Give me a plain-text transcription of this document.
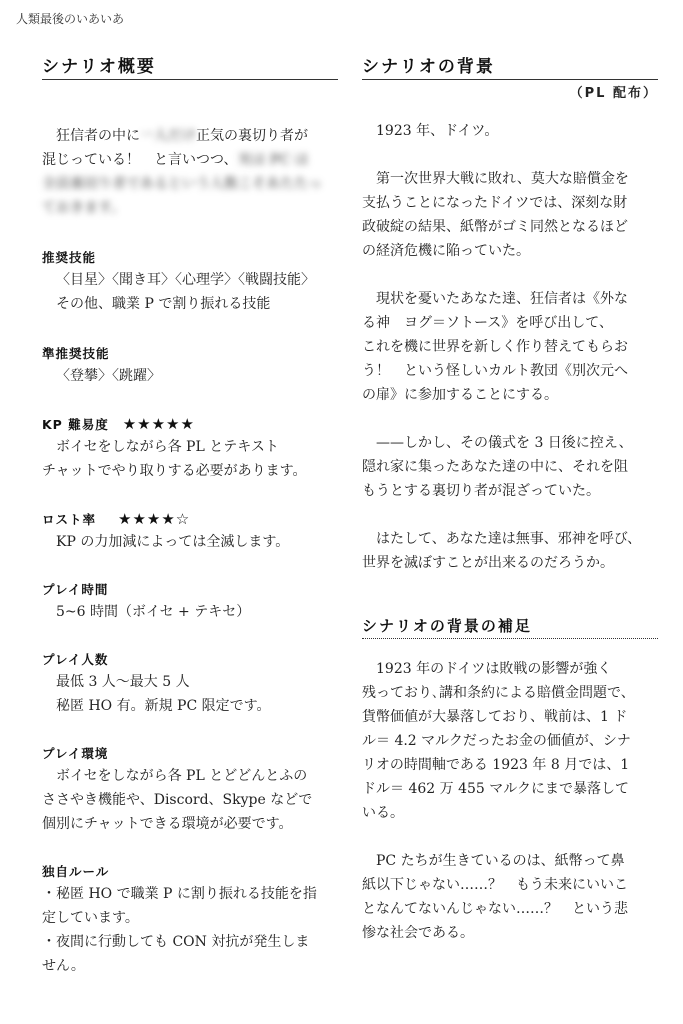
人類最後のいあいあ
シナリオ概要

狂信者の中に一人だけ正気の裏切り者が

混じっている！　と言いつつ、実は PC は

全員裏切り者であるという人数こそあたたっ

ておきます。

推奨技能

〈目星〉〈聞き耳〉〈心理学〉〈戦闘技能〉

その他、職業 P で割り振れる技能

準推奨技能

〈登攀〉〈跳躍〉

KP 難易度 ★★★★★

ボイセをしながら各 PL とテキスト

チャットでやり取りする必要があります。

ロスト率 ★★★★☆

KP の力加減によっては全滅します。

プレイ時間

5~6 時間（ボイセ + テキセ）

プレイ人数

最低 3 人〜最大 5 人

秘匿 HO 有。新規 PC 限定です。

プレイ環境

ボイセをしながら各 PL とどどんとふの

ささやき機能や、Discord、Skype などで

個別にチャットできる環境が必要です。

独自ルール

・秘匿 HO で職業 P に割り振れる技能を指

定しています。

・夜間に行動しても CON 対抗が発生しま

せん。

シナリオの背景
（PL 配布）

1923 年、ドイツ。

第一次世界大戦に敗れ、莫大な賠償金を

支払うことになったドイツでは、深刻な財

政破綻の結果、紙幣がゴミ同然となるほど

の経済危機に陥っていた。

現状を憂いたあなた達、狂信者は《外な

る神　ヨグ＝ソトース》を呼び出して、

これを機に世界を新しく作り替えてもらお

う！　という怪しいカルト教団《別次元へ

の扉》に参加することにする。

——しかし、その儀式を 3 日後に控え、

隠れ家に集ったあなた達の中に、それを阻

もうとする裏切り者が混ざっていた。

はたして、あなた達は無事、邪神を呼び、

世界を滅ぼすことが出来るのだろうか。

シナリオの背景の補足

1923 年のドイツは敗戦の影響が強く

残っており､講和条約による賠償金問題で、

貨幣価値が大暴落しており、戦前は、1 ド

ル＝ 4.2 マルクだったお金の価値が、シナ

リオの時間軸である 1923 年 8 月では、1

ドル＝ 462 万 455 マルクにまで暴落して

いる。

PC たちが生きているのは、紙幣って鼻

紙以下じゃない……？　もう未来にいいこ

となんてないんじゃない……？　という悲

惨な社会である。
